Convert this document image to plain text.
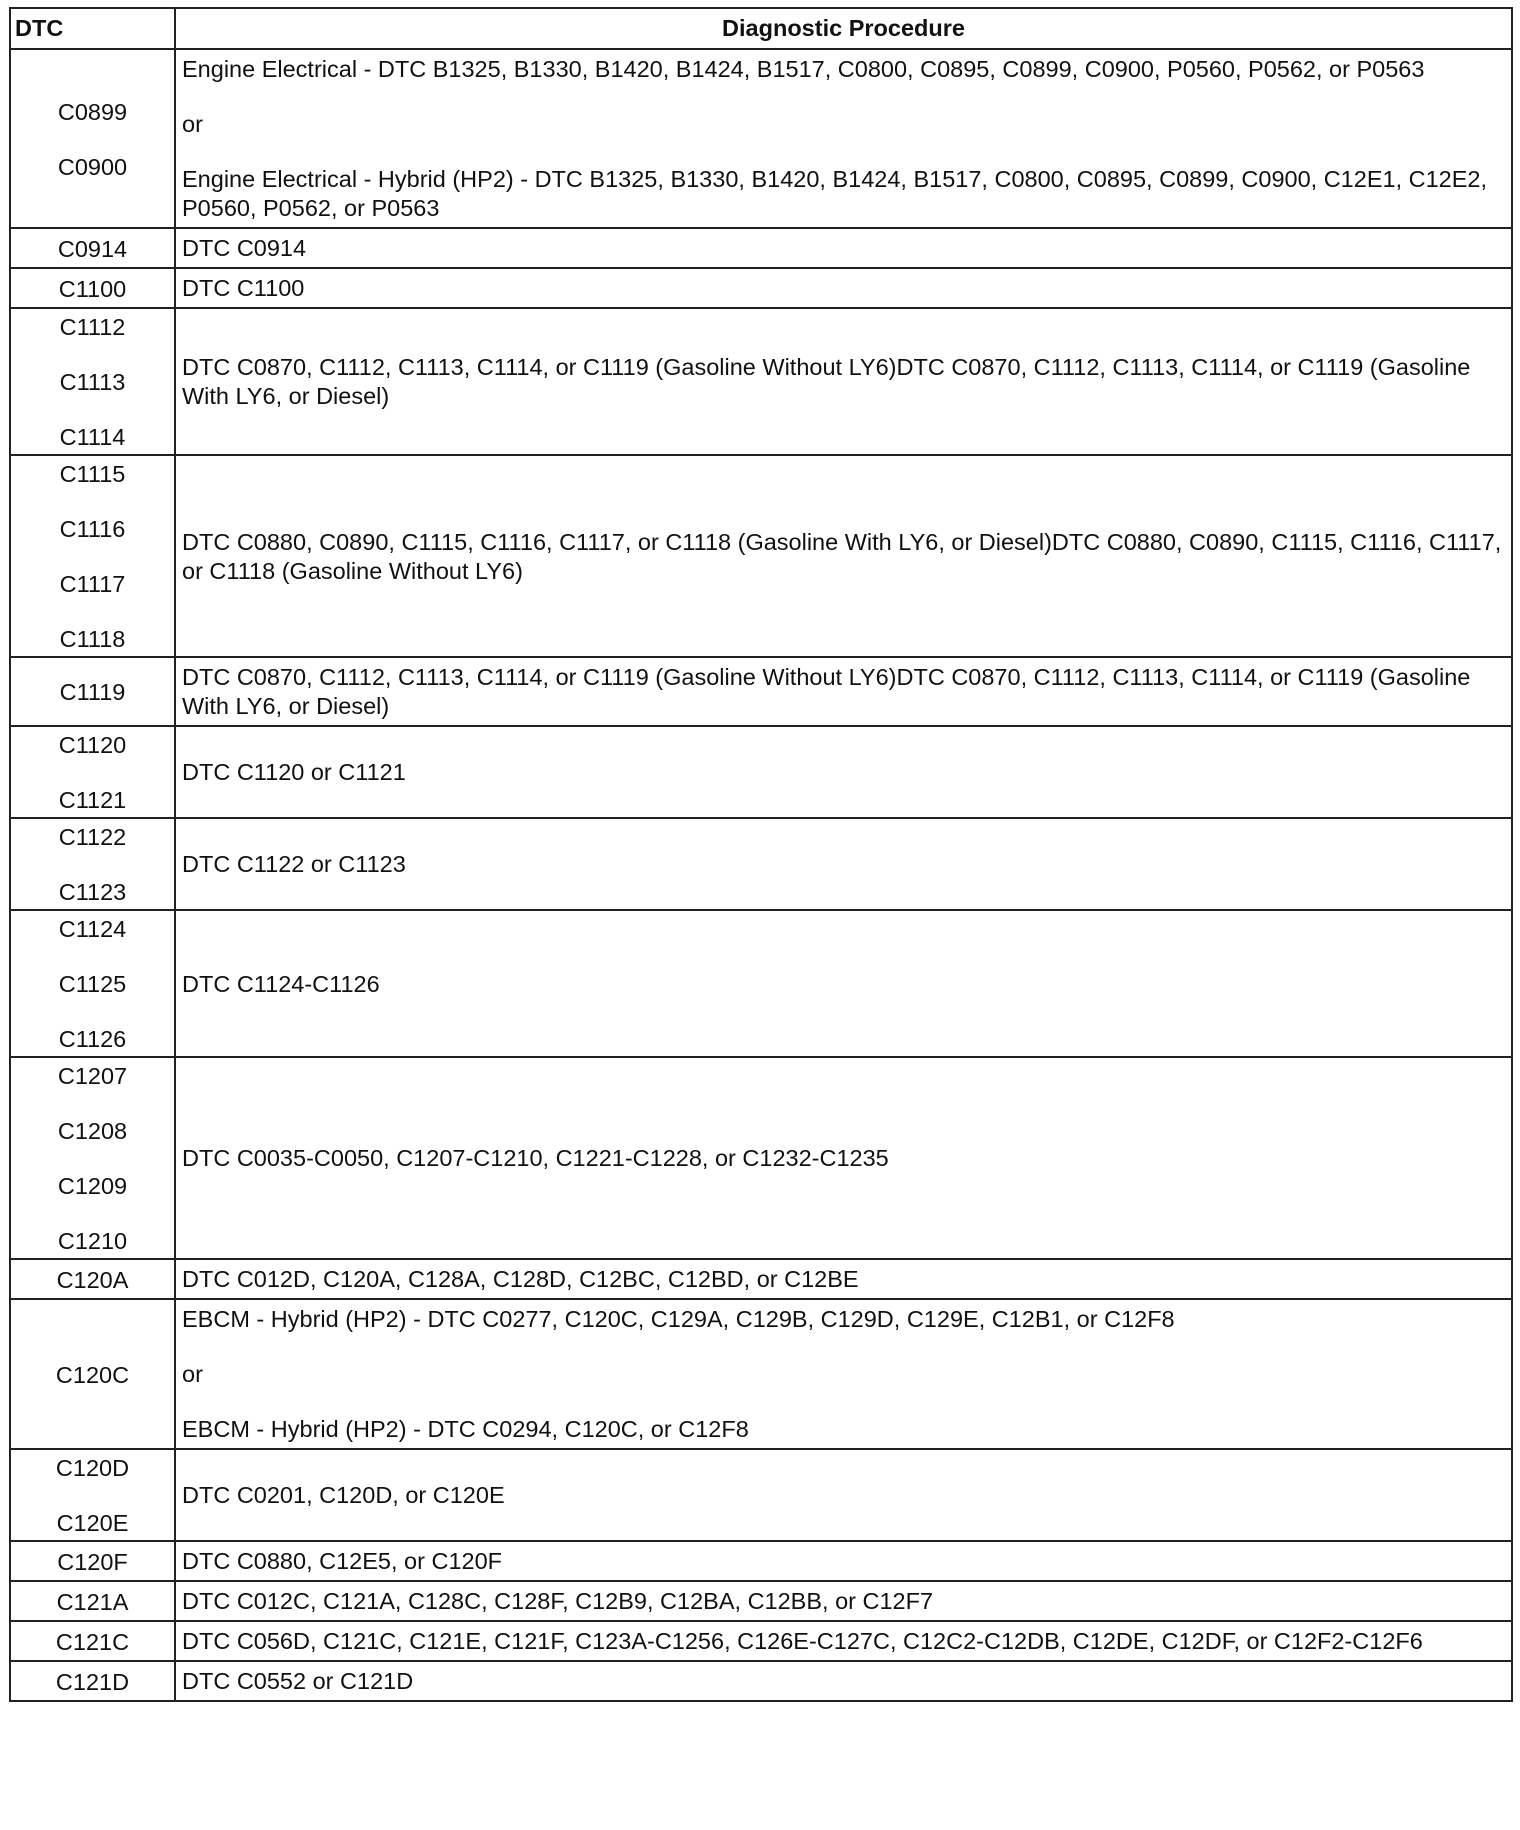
DTC	Diagnostic Procedure

C0899
C0900	Engine Electrical - DTC B1325, B1330, B1420, B1424, B1517, C0800, C0895, C0899, C0900, P0560, P0562, or P0563
or
Engine Electrical - Hybrid (HP2) - DTC B1325, B1330, B1420, B1424, B1517, C0800, C0895, C0899, C0900, C12E1, C12E2, P0560, P0562, or P0563

C0914	DTC C0914

C1100	DTC C1100

C1112
C1113
C1114	DTC C0870, C1112, C1113, C1114, or C1119 (Gasoline Without LY6)DTC C0870, C1112, C1113, C1114, or C1119 (Gasoline With LY6, or Diesel)

C1115
C1116
C1117
C1118	DTC C0880, C0890, C1115, C1116, C1117, or C1118 (Gasoline With LY6, or Diesel)DTC C0880, C0890, C1115, C1116, C1117, or C1118 (Gasoline Without LY6)

C1119	DTC C0870, C1112, C1113, C1114, or C1119 (Gasoline Without LY6)DTC C0870, C1112, C1113, C1114, or C1119 (Gasoline With LY6, or Diesel)

C1120
C1121	DTC C1120 or C1121

C1122
C1123	DTC C1122 or C1123

C1124
C1125
C1126	DTC C1124-C1126

C1207
C1208
C1209
C1210	DTC C0035-C0050, C1207-C1210, C1221-C1228, or C1232-C1235

C120A	DTC C012D, C120A, C128A, C128D, C12BC, C12BD, or C12BE

C120C	EBCM - Hybrid (HP2) - DTC C0277, C120C, C129A, C129B, C129D, C129E, C12B1, or C12F8
or
EBCM - Hybrid (HP2) - DTC C0294, C120C, or C12F8

C120D
C120E	DTC C0201, C120D, or C120E

C120F	DTC C0880, C12E5, or C120F

C121A	DTC C012C, C121A, C128C, C128F, C12B9, C12BA, C12BB, or C12F7

C121C	DTC C056D, C121C, C121E, C121F, C123A-C1256, C126E-C127C, C12C2-C12DB, C12DE, C12DF, or C12F2-C12F6

C121D	DTC C0552 or C121D
